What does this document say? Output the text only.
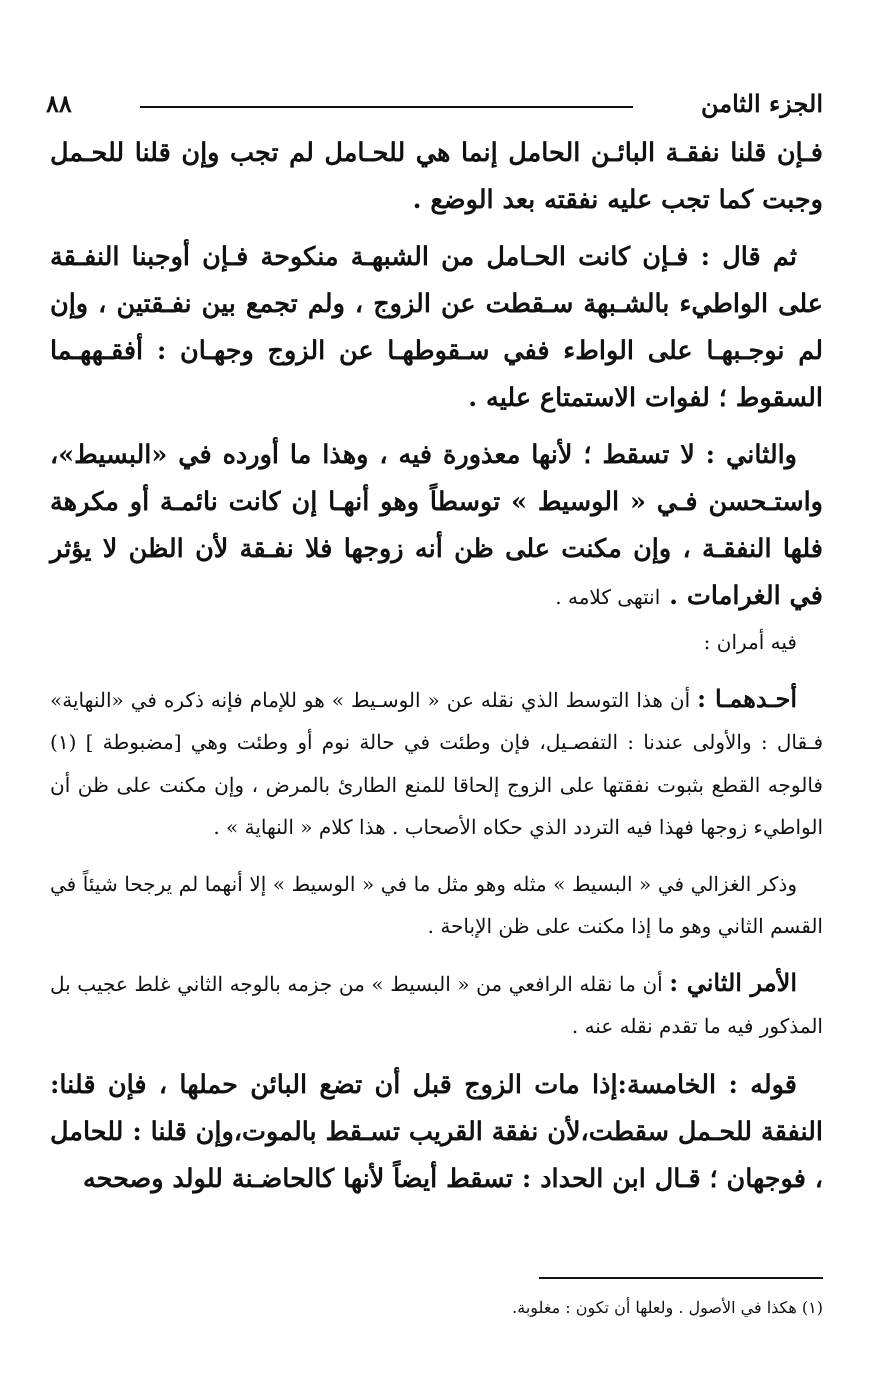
الجزء الثامن
٨٨

فـإن قلنا نفقـة البائـن الحامل إنما هي للحـامل لم تجب وإن قلنا للحـمل وجبت كما تجب عليه نفقته بعد الوضع .

ثم قال : فـإن كانت الحـامل من الشبهـة منكوحة فـإن أوجبنا النفـقة على الواطيء بالشـبهة سـقطت عن الزوج ، ولم تجمع بين نفـقتين ، وإن لم نوجـبهـا على الواطء ففي سـقوطهـا عن الزوج وجهـان : أفقـههـما السقوط ؛ لفوات الاستمتاع عليه .

والثاني : لا تسقط ؛ لأنها معذورة فيه ، وهذا ما أورده في «البسيط»، واستـحسن فـي « الوسيط » توسطاً وهو أنهـا إن كانت نائمـة أو مكرهة فلها النفقـة ، وإن مكنت على ظن أنه زوجها فلا نفـقة لأن الظن لا يؤثر في الغرامات . انتهى كلامه .

فيه أمران :

أحـدهمـا : أن هذا التوسط الذي نقله عن « الوسـيط » هو للإمام فإنه ذكره في «النهاية» فـقال : والأولى عندنا : التفصـيل، فإن وطئت في حالة نوم أو وطئت وهي [مضبوطة ] (١) فالوجه القطع بثبوت نفقتها على الزوج إلحاقا للمنع الطارئ بالمرض ، وإن مكنت على ظن أن الواطيء زوجها فهذا فيه التردد الذي حكاه الأصحاب . هذا كلام « النهاية » .

وذكر الغزالي في « البسيط » مثله وهو مثل ما في « الوسيط » إلا أنهما لم يرجحا شيئاً في القسم الثاني وهو ما إذا مكنت على ظن الإباحة .

الأمر الثاني : أن ما نقله الرافعي من « البسيط » من جزمه بالوجه الثاني غلط عجيب بل المذكور فيه ما تقدم نقله عنه .

قوله : الخامسة:إذا مات الزوج قبل أن تضع البائن حملها ، فإن قلنا: النفقة للحـمل سقطت،لأن نفقة القريب تسـقط بالموت،وإن قلنا : للحامل ، فوجهان ؛ قـال ابن الحداد : تسقط أيضاً لأنها كالحاضـنة للولد وصححه

(١) هكذا في الأصول . ولعلها أن تكون : مغلوبة.
